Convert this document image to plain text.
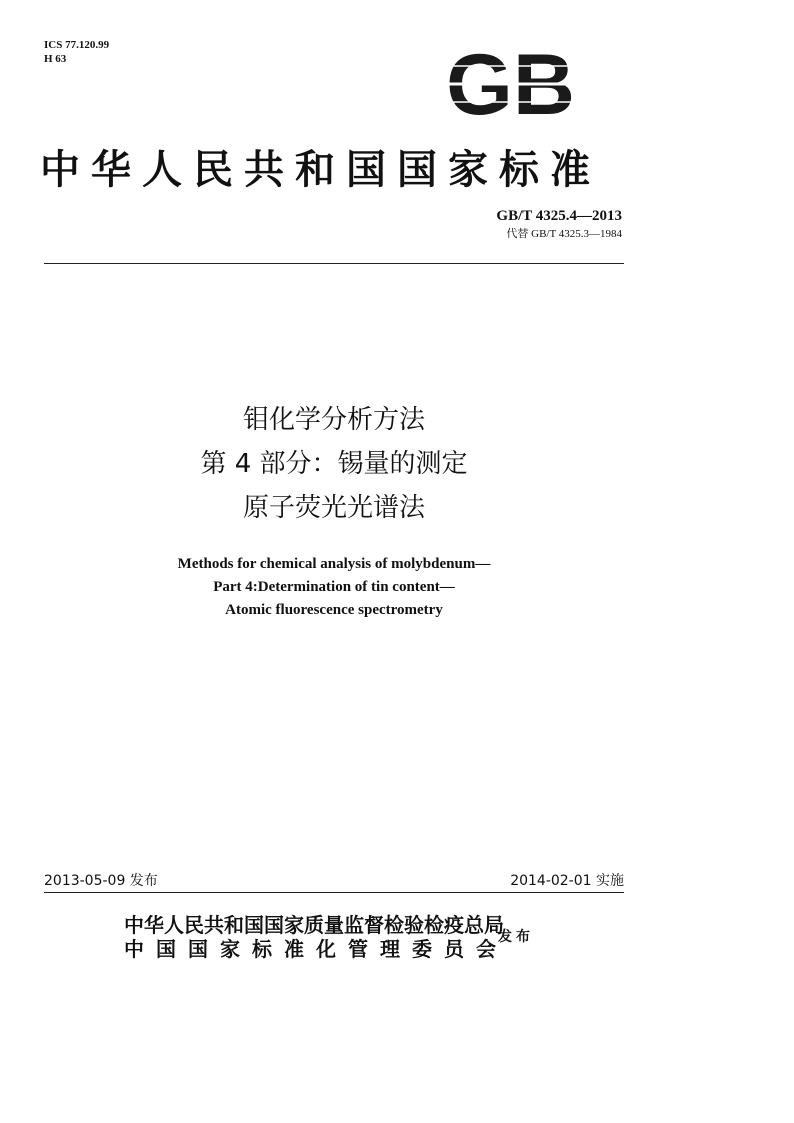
ICS 77.120.99
H 63	GB
中华人民共和国国家标准
GB/T 4325.4—2013
代替 GB/T 4325.3—1984
钼化学分析方法
第 4 部分：锡量的测定
原子荧光光谱法
Methods for chemical analysis of molybdenum—
Part 4:Determination of tin content—
Atomic fluorescence spectrometry
2013-05-09 发布	2014-02-01 实施
中华人民共和国国家质量监督检验检疫总局
中国国家标准化管理委员会
发布
